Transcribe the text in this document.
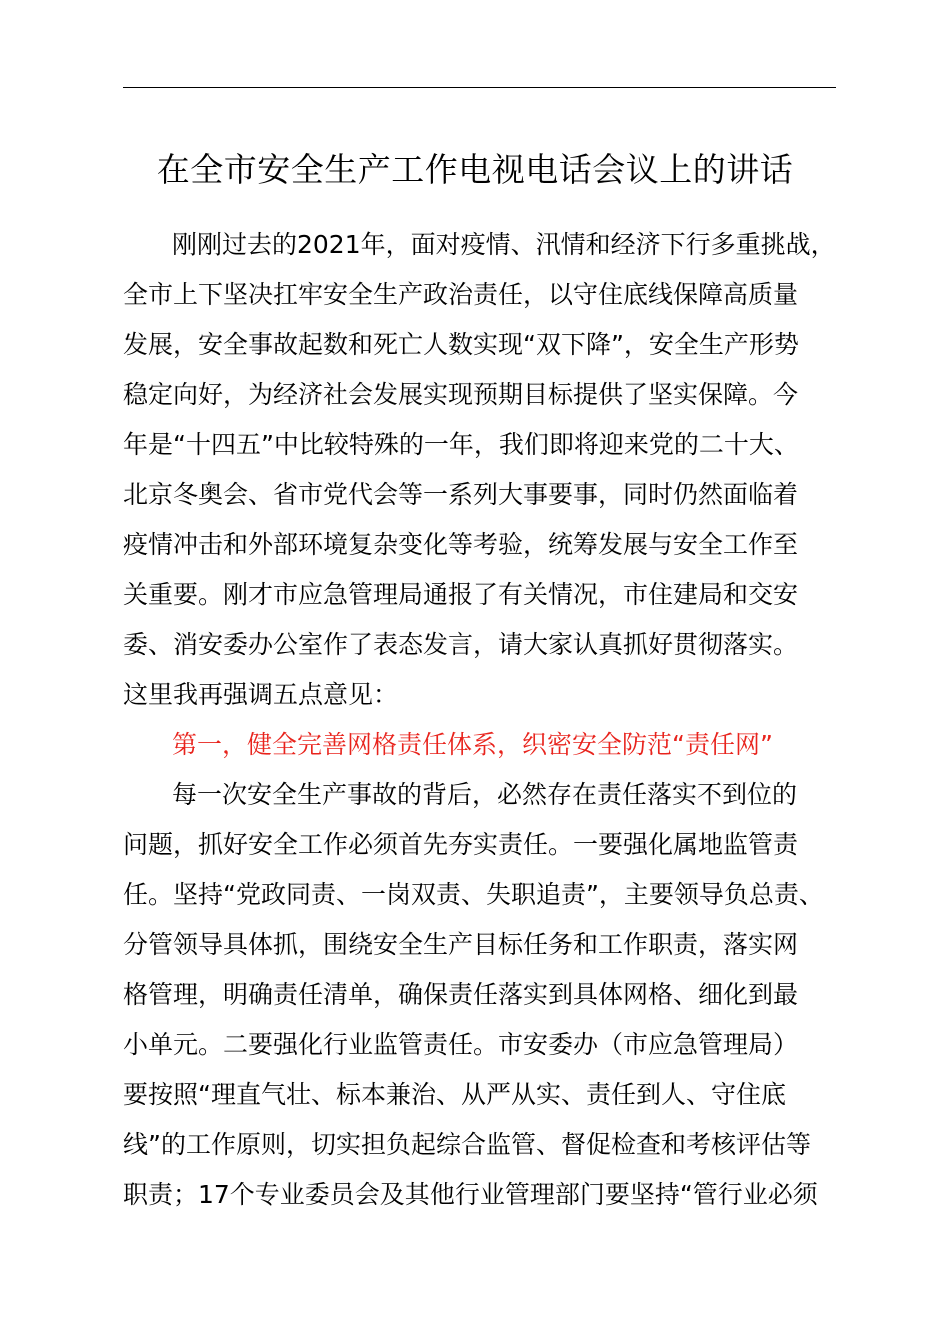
在全市安全生产工作电视电话会议上的讲话
刚刚过去的2021年，面对疫情、汛情和经济下行多重挑战，
全市上下坚决扛牢安全生产政治责任，以守住底线保障高质量
发展，安全事故起数和死亡人数实现“双下降”，安全生产形势
稳定向好，为经济社会发展实现预期目标提供了坚实保障。今
年是“十四五”中比较特殊的一年，我们即将迎来党的二十大、
北京冬奥会、省市党代会等一系列大事要事，同时仍然面临着
疫情冲击和外部环境复杂变化等考验，统筹发展与安全工作至
关重要。刚才市应急管理局通报了有关情况，市住建局和交安
委、消安委办公室作了表态发言，请大家认真抓好贯彻落实。
这里我再强调五点意见：
第一，健全完善网格责任体系，织密安全防范“责任网”
每一次安全生产事故的背后，必然存在责任落实不到位的
问题，抓好安全工作必须首先夯实责任。一要强化属地监管责
任。坚持“党政同责、一岗双责、失职追责”，主要领导负总责、
分管领导具体抓，围绕安全生产目标任务和工作职责，落实网
格管理，明确责任清单，确保责任落实到具体网格、细化到最
小单元。二要强化行业监管责任。市安委办（市应急管理局）
要按照“理直气壮、标本兼治、从严从实、责任到人、守住底
线”的工作原则，切实担负起综合监管、督促检查和考核评估等
职责；17个专业委员会及其他行业管理部门要坚持“管行业必须
